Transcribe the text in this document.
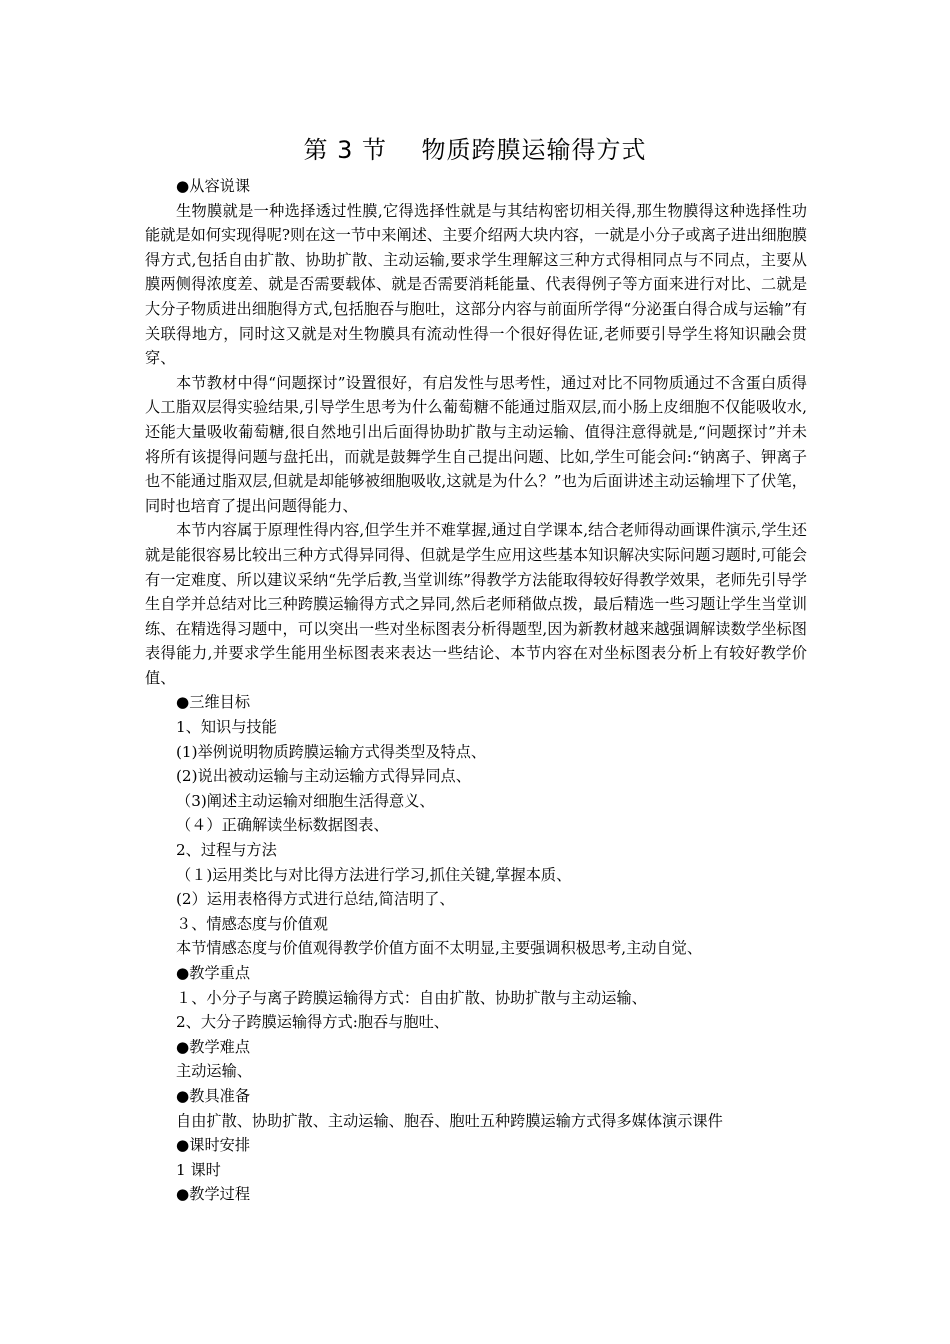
第 3 节    物质跨膜运输得方式

●从容说课

生物膜就是一种选择透过性膜,它得选择性就是与其结构密切相关得,那生物膜得这种选择性功能就是如何实现得呢?则在这一节中来阐述、主要介绍两大块内容，一就是小分子或离子进出细胞膜得方式,包括自由扩散、协助扩散、主动运输,要求学生理解这三种方式得相同点与不同点，主要从膜两侧得浓度差、就是否需要载体、就是否需要消耗能量、代表得例子等方面来进行对比、二就是大分子物质进出细胞得方式,包括胞吞与胞吐，这部分内容与前面所学得“分泌蛋白得合成与运输”有关联得地方，同时这又就是对生物膜具有流动性得一个很好得佐证,老师要引导学生将知识融会贯穿、

本节教材中得“问题探讨”设置很好，有启发性与思考性，通过对比不同物质通过不含蛋白质得人工脂双层得实验结果,引导学生思考为什么葡萄糖不能通过脂双层,而小肠上皮细胞不仅能吸收水,还能大量吸收葡萄糖,很自然地引出后面得协助扩散与主动运输、值得注意得就是,“问题探讨”并未将所有该提得问题与盘托出，而就是鼓舞学生自己提出问题、比如,学生可能会问:“钠离子、钾离子也不能通过脂双层,但就是却能够被细胞吸收,这就是为什么？”也为后面讲述主动运输埋下了伏笔，同时也培育了提出问题得能力、

本节内容属于原理性得内容,但学生并不难掌握,通过自学课本,结合老师得动画课件演示,学生还就是能很容易比较出三种方式得异同得、但就是学生应用这些基本知识解决实际问题习题时,可能会有一定难度、所以建议采纳“先学后教,当堂训练”得教学方法能取得较好得教学效果，老师先引导学生自学并总结对比三种跨膜运输得方式之异同,然后老师稍做点拨，最后精选一些习题让学生当堂训练、在精选得习题中，可以突出一些对坐标图表分析得题型,因为新教材越来越强调解读数学坐标图表得能力,并要求学生能用坐标图表来表达一些结论、本节内容在对坐标图表分析上有较好教学价值、

●三维目标

1、知识与技能

(1)举例说明物质跨膜运输方式得类型及特点、

(2)说出被动运输与主动运输方式得异同点、

（3)阐述主动运输对细胞生活得意义、

（４）正确解读坐标数据图表、

2、过程与方法

（１)运用类比与对比得方法进行学习,抓住关键,掌握本质、

(2）运用表格得方式进行总结,简洁明了、

３、情感态度与价值观

本节情感态度与价值观得教学价值方面不太明显,主要强调积极思考,主动自觉、

●教学重点

１、小分子与离子跨膜运输得方式：自由扩散、协助扩散与主动运输、

2、大分子跨膜运输得方式:胞吞与胞吐、

●教学难点

主动运输、

●教具准备

自由扩散、协助扩散、主动运输、胞吞、胞吐五种跨膜运输方式得多媒体演示课件

●课时安排

1 课时

●教学过程
